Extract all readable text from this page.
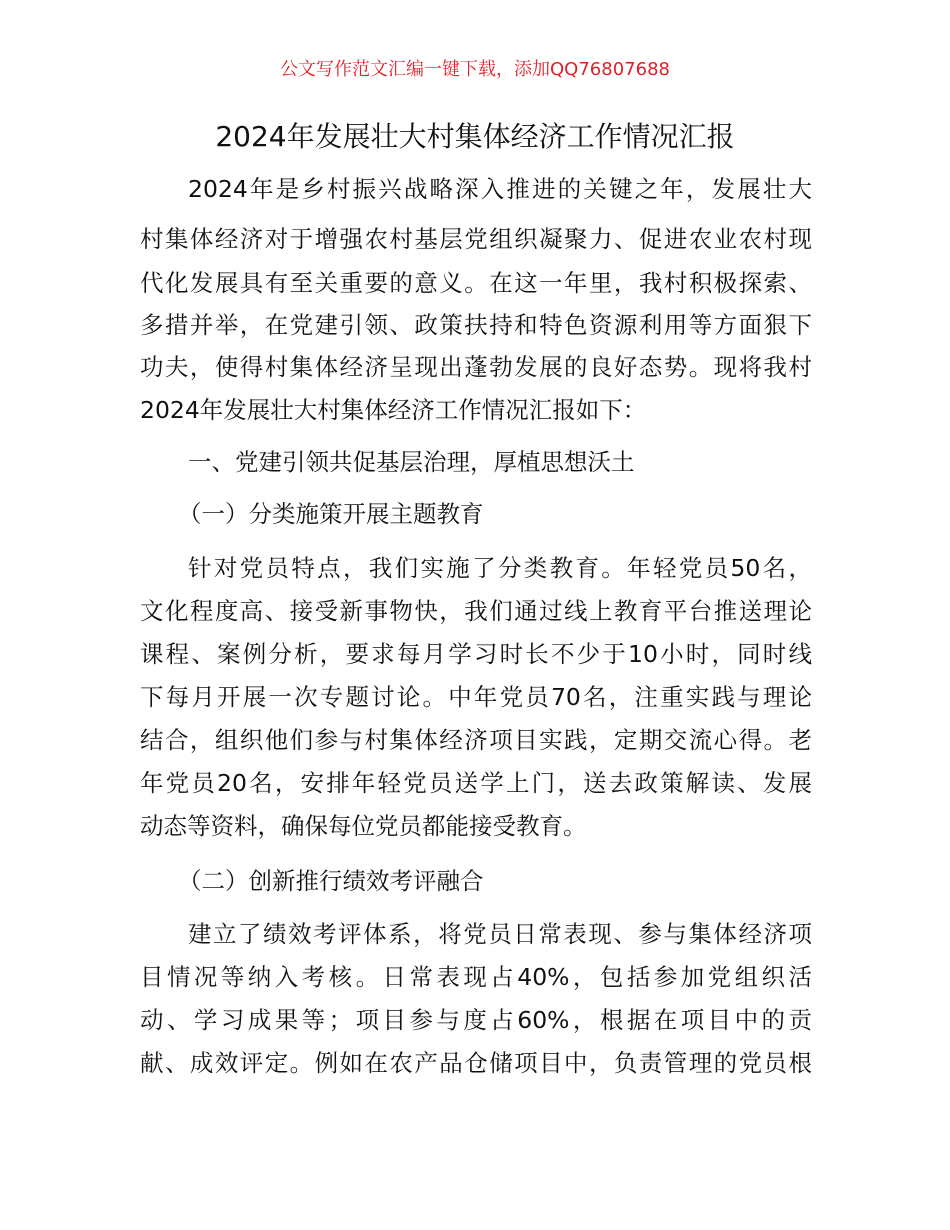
公文写作范文汇编一键下载，添加QQ76807688
2024年发展壮大村集体经济工作情况汇报
2024年是乡村振兴战略深入推进的关键之年，发展壮大
村集体经济对于增强农村基层党组织凝聚力、促进农业农村现
代化发展具有至关重要的意义。在这一年里，我村积极探索、
多措并举，在党建引领、政策扶持和特色资源利用等方面狠下
功夫，使得村集体经济呈现出蓬勃发展的良好态势。现将我村
2024年发展壮大村集体经济工作情况汇报如下：
一、党建引领共促基层治理，厚植思想沃土
（一）分类施策开展主题教育
针对党员特点，我们实施了分类教育。年轻党员50名，
文化程度高、接受新事物快，我们通过线上教育平台推送理论
课程、案例分析，要求每月学习时长不少于10小时，同时线
下每月开展一次专题讨论。中年党员70名，注重实践与理论
结合，组织他们参与村集体经济项目实践，定期交流心得。老
年党员20名，安排年轻党员送学上门，送去政策解读、发展
动态等资料，确保每位党员都能接受教育。
（二）创新推行绩效考评融合
建立了绩效考评体系，将党员日常表现、参与集体经济项
目情况等纳入考核。日常表现占40%，包括参加党组织活
动、学习成果等；项目参与度占60%，根据在项目中的贡
献、成效评定。例如在农产品仓储项目中，负责管理的党员根
